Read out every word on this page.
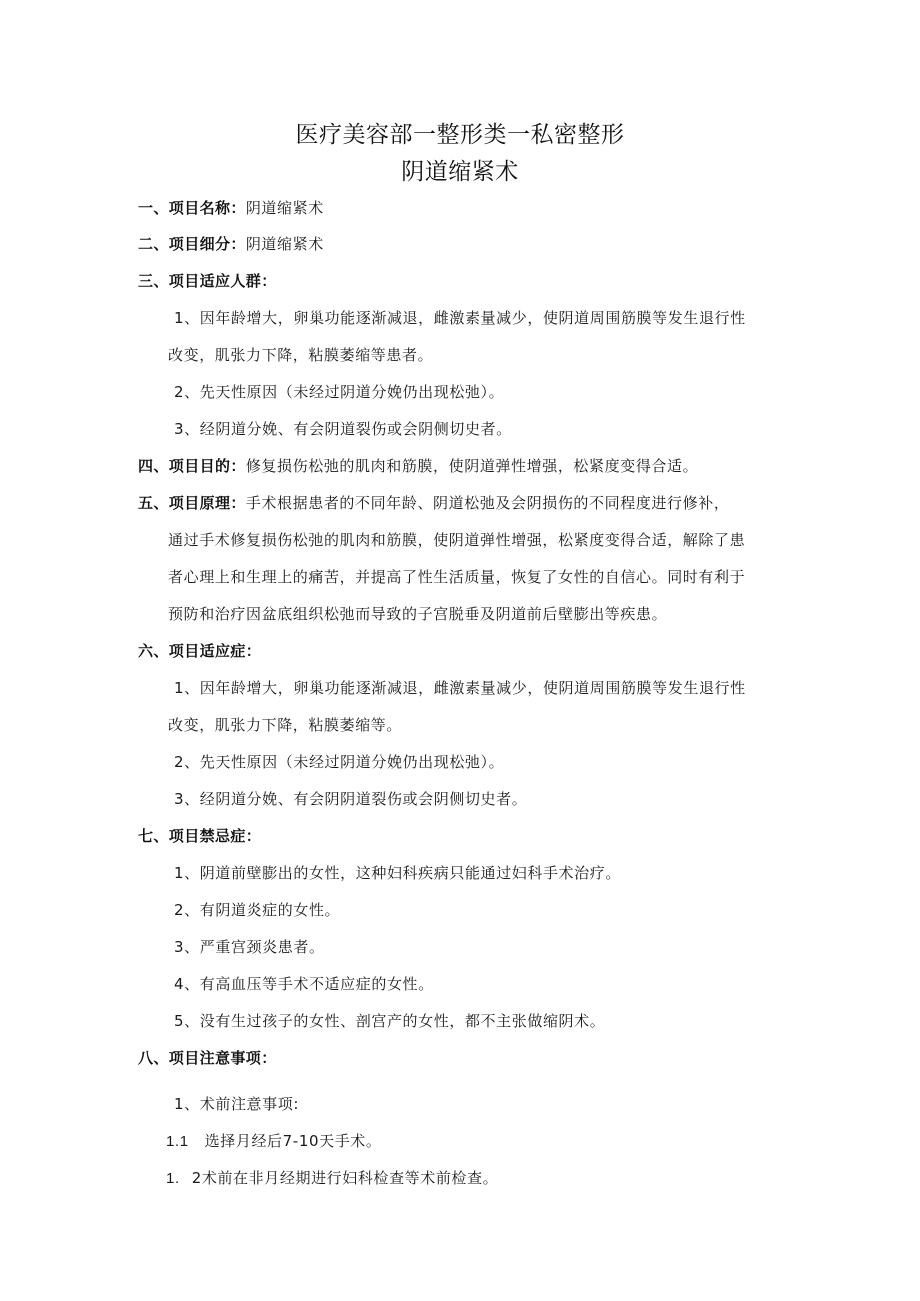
医疗美容部一整形类一私密整形
阴道缩紧术
一、项目名称：阴道缩紧术
二、项目细分：阴道缩紧术
三、项目适应人群：
1、因年龄增大，卵巢功能逐渐减退，雌激素量减少，使阴道周围筋膜等发生退行性
改变，肌张力下降，粘膜萎缩等患者。
2、先天性原因（未经过阴道分娩仍出现松弛）。
3、经阴道分娩、有会阴道裂伤或会阴侧切史者。
四、项目目的：修复损伤松弛的肌肉和筋膜，使阴道弹性增强，松紧度变得合适。
五、项目原理：手术根据患者的不同年龄、阴道松弛及会阴损伤的不同程度进行修补，
通过手术修复损伤松弛的肌肉和筋膜，使阴道弹性增强，松紧度变得合适，解除了患
者心理上和生理上的痛苦，并提高了性生活质量，恢复了女性的自信心。同时有利于
预防和治疗因盆底组织松弛而导致的子宫脱垂及阴道前后壁膨出等疾患。
六、项目适应症：
1、因年龄增大，卵巢功能逐渐减退，雌激素量减少，使阴道周围筋膜等发生退行性
改变，肌张力下降，粘膜萎缩等。
2、先天性原因（未经过阴道分娩仍出现松弛）。
3、经阴道分娩、有会阴阴道裂伤或会阴侧切史者。
七、项目禁忌症：
1、阴道前壁膨出的女性，这种妇科疾病只能通过妇科手术治疗。
2、有阴道炎症的女性。
3、严重宫颈炎患者。
4、有高血压等手术不适应症的女性。
5、没有生过孩子的女性、剖宫产的女性，都不主张做缩阴术。
八、项目注意事项：
1、术前注意事项:
1.1 选择月经后7-10天手术。
1. 2术前在非月经期进行妇科检查等术前检查。
